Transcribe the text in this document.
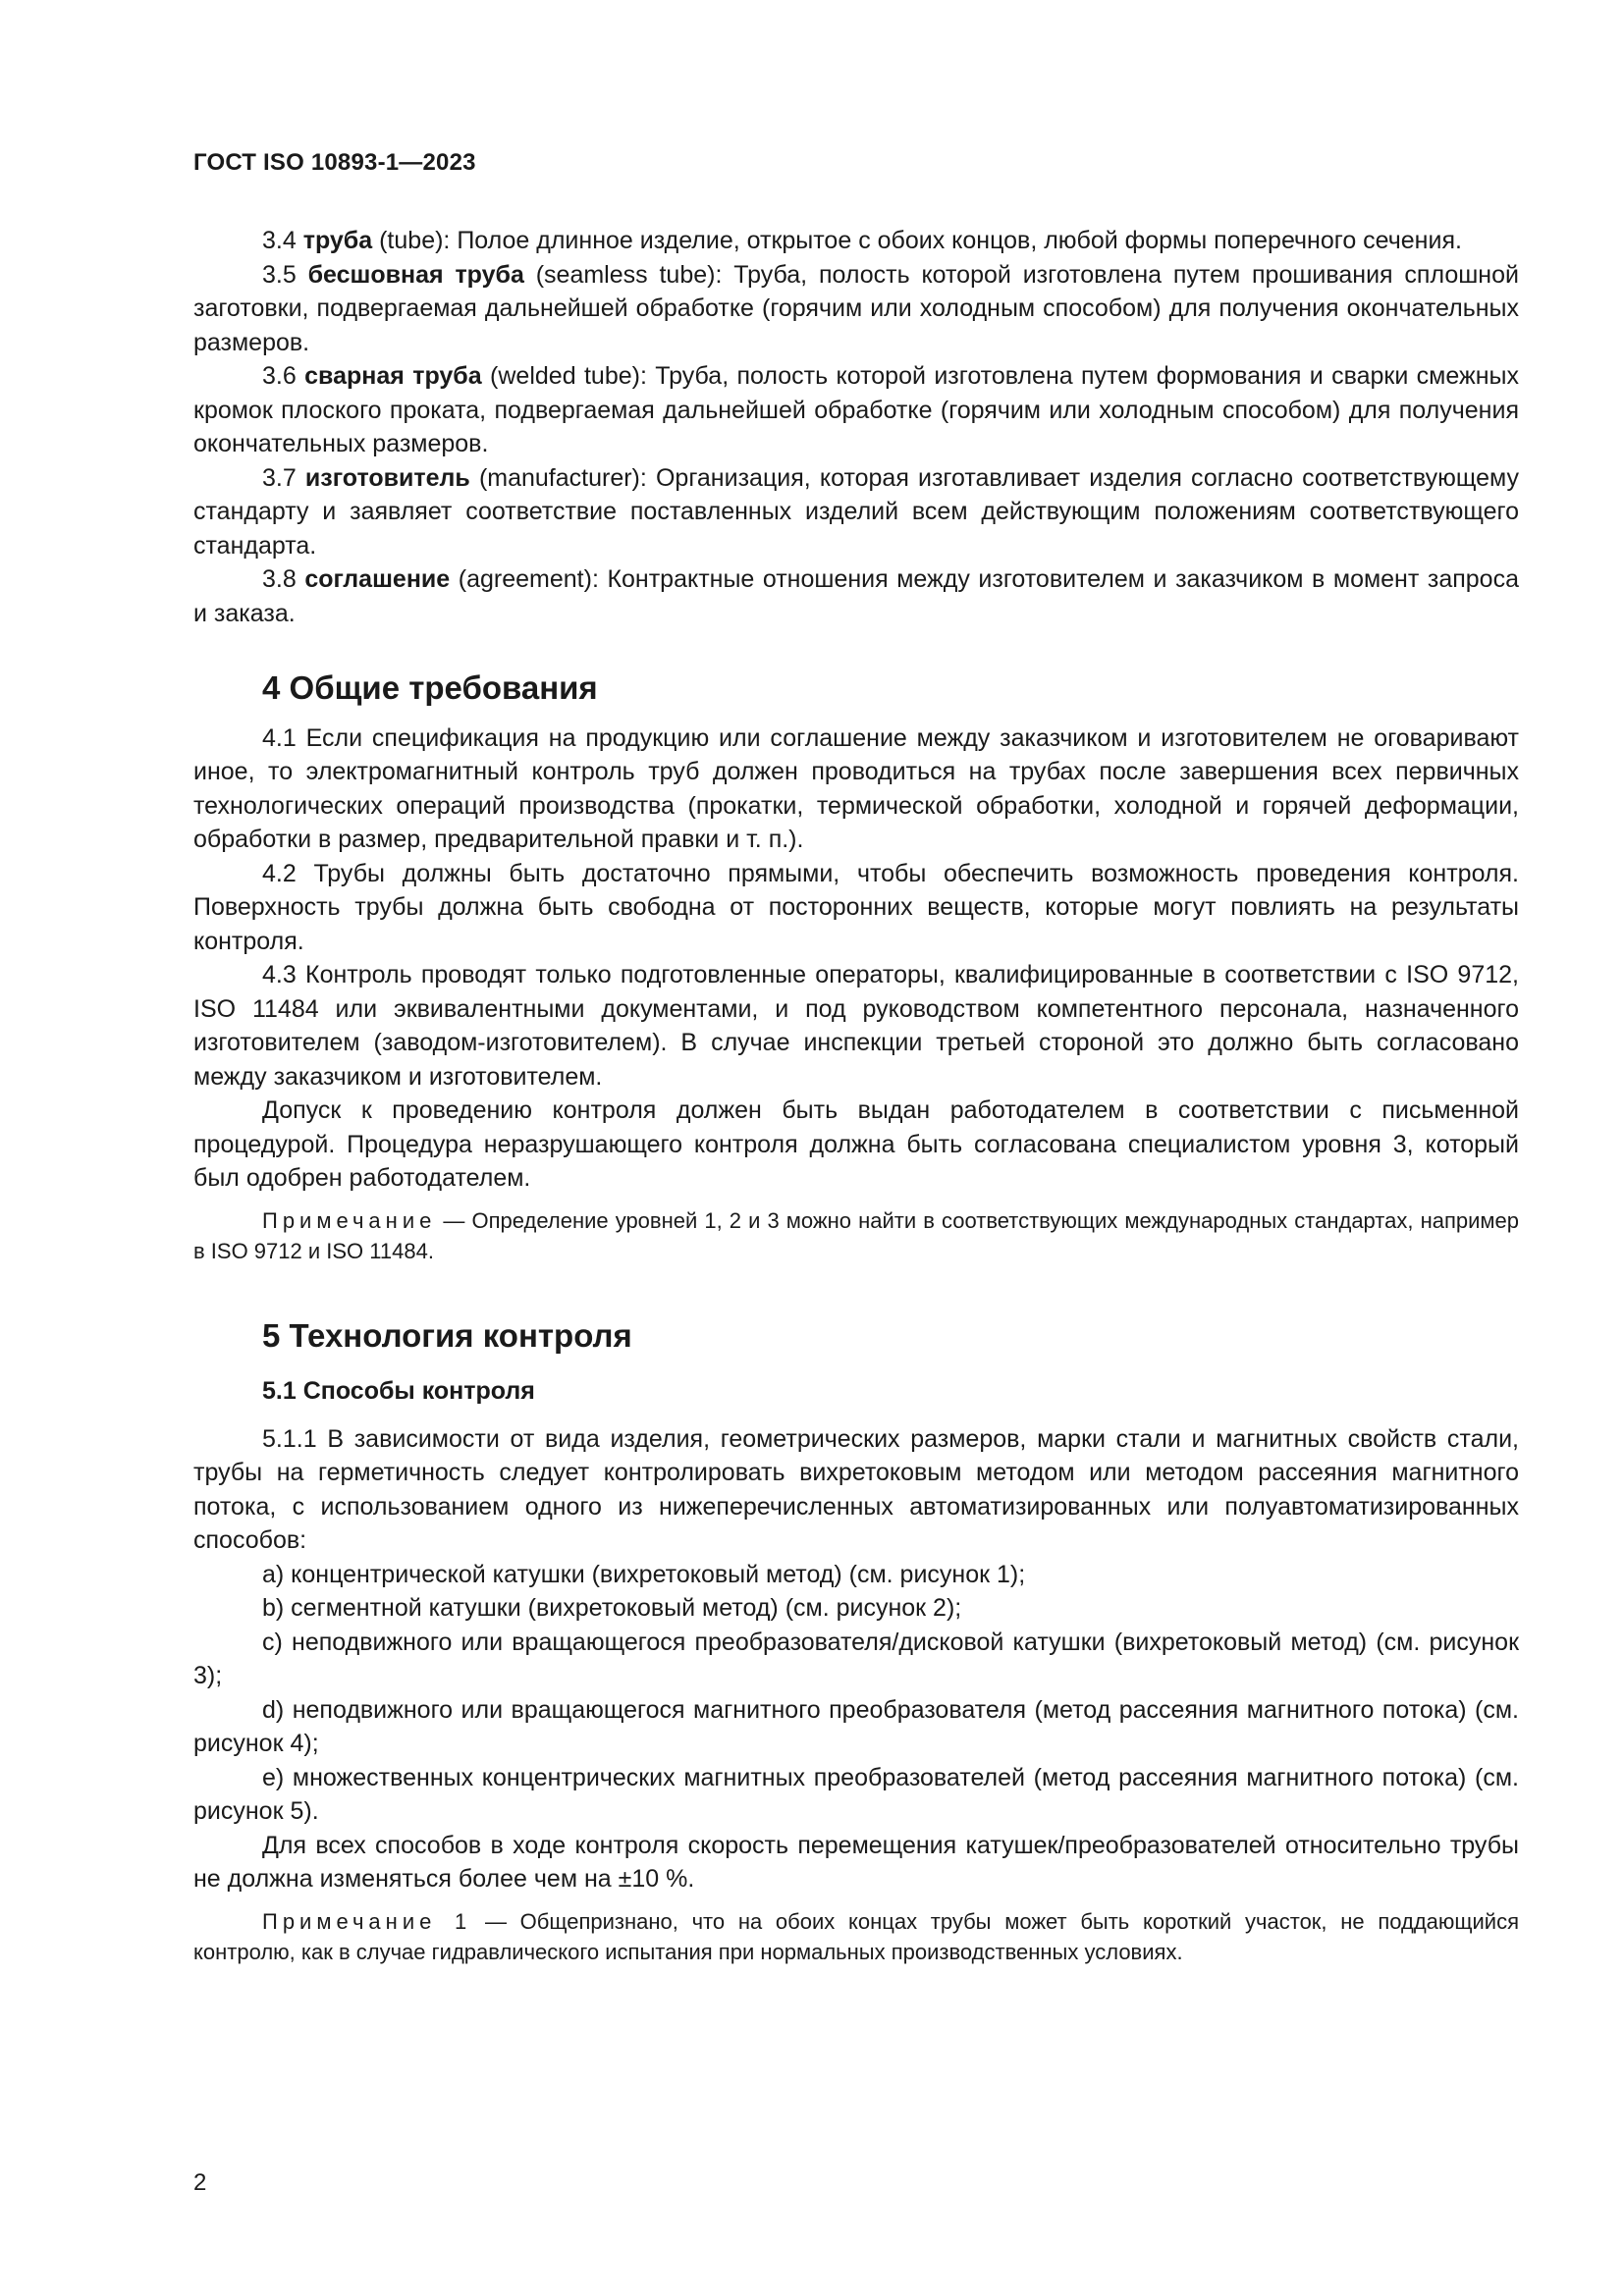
ГОСТ ISO 10893-1—2023

3.4 труба (tube): Полое длинное изделие, открытое с обоих концов, любой формы поперечного сечения.

3.5 бесшовная труба (seamless tube): Труба, полость которой изготовлена путем прошивания сплошной заготовки, подвергаемая дальнейшей обработке (горячим или холодным способом) для получения окончательных размеров.

3.6 сварная труба (welded tube): Труба, полость которой изготовлена путем формования и сварки смежных кромок плоского проката, подвергаемая дальнейшей обработке (горячим или холодным способом) для получения окончательных размеров.

3.7 изготовитель (manufacturer): Организация, которая изготавливает изделия согласно соответствующему стандарту и заявляет соответствие поставленных изделий всем действующим положениям соответствующего стандарта.

3.8 соглашение (agreement): Контрактные отношения между изготовителем и заказчиком в момент запроса и заказа.

4 Общие требования

4.1 Если спецификация на продукцию или соглашение между заказчиком и изготовителем не оговаривают иное, то электромагнитный контроль труб должен проводиться на трубах после завершения всех первичных технологических операций производства (прокатки, термической обработки, холодной и горячей деформации, обработки в размер, предварительной правки и т. п.).

4.2 Трубы должны быть достаточно прямыми, чтобы обеспечить возможность проведения контроля. Поверхность трубы должна быть свободна от посторонних веществ, которые могут повлиять на результаты контроля.

4.3 Контроль проводят только подготовленные операторы, квалифицированные в соответствии с ISO 9712, ISO 11484 или эквивалентными документами, и под руководством компетентного персонала, назначенного изготовителем (заводом-изготовителем). В случае инспекции третьей стороной это должно быть согласовано между заказчиком и изготовителем.

Допуск к проведению контроля должен быть выдан работодателем в соответствии с письменной процедурой. Процедура неразрушающего контроля должна быть согласована специалистом уровня 3, который был одобрен работодателем.

Примечание — Определение уровней 1, 2 и 3 можно найти в соответствующих международных стандартах, например в ISO 9712 и ISO 11484.

5 Технология контроля
5.1 Способы контроля

5.1.1 В зависимости от вида изделия, геометрических размеров, марки стали и магнитных свойств стали, трубы на герметичность следует контролировать вихретоковым методом или методом рассеяния магнитного потока, с использованием одного из нижеперечисленных автоматизированных или полуавтоматизированных способов:

a) концентрической катушки (вихретоковый метод) (см. рисунок 1);

b) сегментной катушки (вихретоковый метод) (см. рисунок 2);

c) неподвижного или вращающегося преобразователя/дисковой катушки (вихретоковый метод) (см. рисунок 3);

d) неподвижного или вращающегося магнитного преобразователя (метод рассеяния магнитного потока) (см. рисунок 4);

e) множественных концентрических магнитных преобразователей (метод рассеяния магнитного потока) (см. рисунок 5).

Для всех способов в ходе контроля скорость перемещения катушек/преобразователей относительно трубы не должна изменяться более чем на ±10 %.

Примечание 1 — Общепризнано, что на обоих концах трубы может быть короткий участок, не поддающийся контролю, как в случае гидравлического испытания при нормальных производственных условиях.

2
